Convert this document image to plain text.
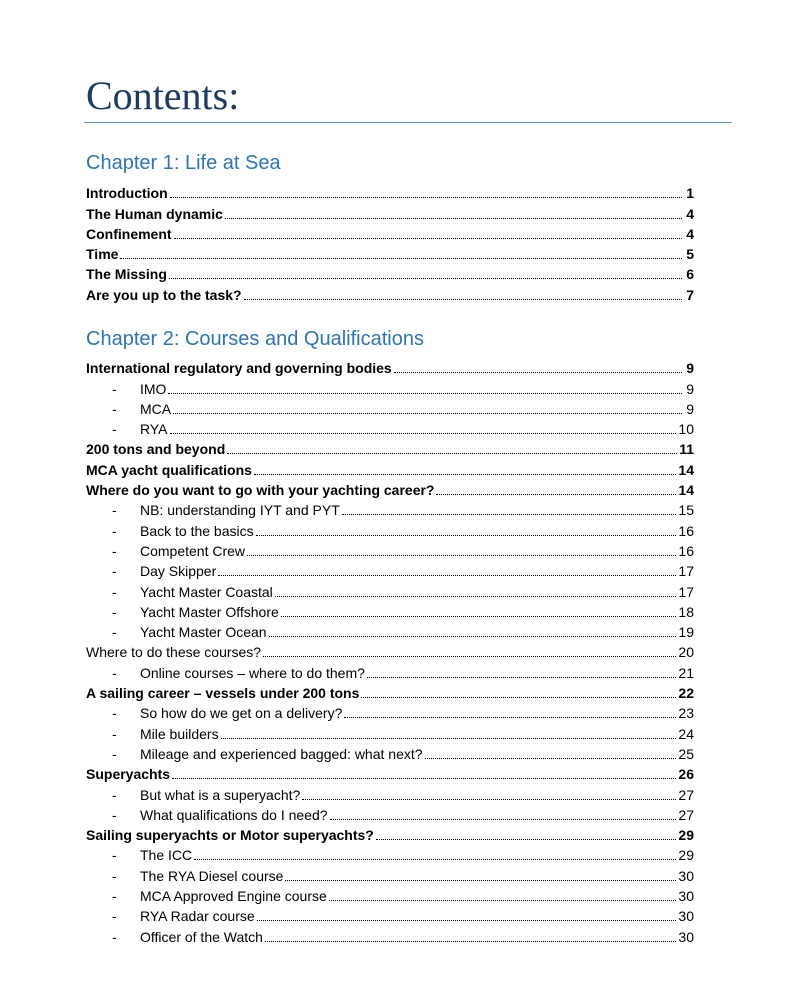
Contents:
Chapter 1: Life at Sea
Introduction	1
The Human dynamic	4
Confinement	4
Time	5
The Missing	6
Are you up to the task?	7
Chapter 2: Courses and Qualifications
International regulatory and governing bodies	9
-	IMO	9
-	MCA	9
-	RYA	10
200 tons and beyond	11
MCA yacht qualifications	14
Where do you want to go with your yachting career?	14
-	NB: understanding IYT and PYT	15
-	Back to the basics	16
-	Competent Crew	16
-	Day Skipper	17
-	Yacht Master Coastal	17
-	Yacht Master Offshore	18
-	Yacht Master Ocean	19
Where to do these courses?	20
-	Online courses – where to do them?	21
A sailing career – vessels under 200 tons	22
-	So how do we get on a delivery?	23
-	Mile builders	24
-	Mileage and experienced bagged: what next?	25
Superyachts	26
-	But what is a superyacht?	27
-	What qualifications do I need?	27
Sailing superyachts or Motor superyachts?	29
-	The ICC	29
-	The RYA Diesel course	30
-	MCA Approved Engine course	30
-	RYA Radar course	30
-	Officer of the Watch	30
